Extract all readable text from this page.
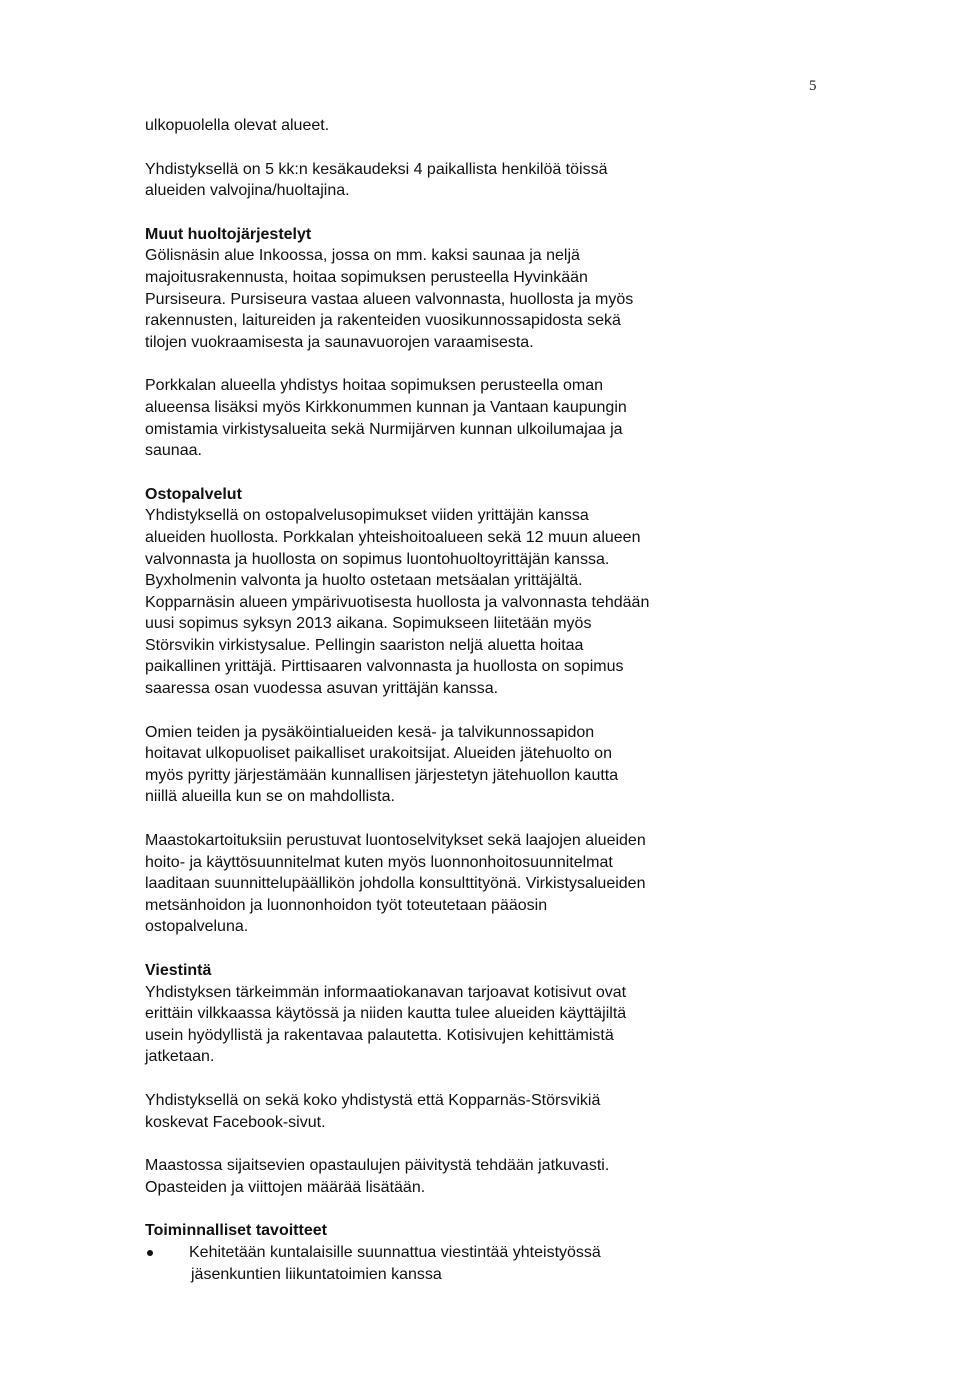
5

ulkopuolella olevat alueet.

Yhdistyksellä on 5 kk:n kesäkaudeksi 4 paikallista henkilöä töissä
alueiden valvojina/huoltajina.

Muut huoltojärjestelyt
Gölisnäsin alue Inkoossa, jossa on mm. kaksi saunaa ja neljä
majoitusrakennusta, hoitaa sopimuksen perusteella Hyvinkään
Pursiseura. Pursiseura vastaa alueen valvonnasta, huollosta ja myös
rakennusten, laitureiden ja rakenteiden vuosikunnossapidosta sekä
tilojen vuokraamisesta ja saunavuorojen varaamisesta.

Porkkalan alueella yhdistys hoitaa sopimuksen perusteella oman
alueensa lisäksi myös Kirkkonummen kunnan ja Vantaan kaupungin
omistamia virkistysalueita sekä Nurmijärven kunnan ulkoilumajaa ja
saunaa.

Ostopalvelut
Yhdistyksellä on ostopalvelusopimukset viiden yrittäjän kanssa
alueiden huollosta. Porkkalan yhteishoitoalueen sekä 12 muun alueen
valvonnasta ja huollosta on sopimus luontohuoltoyrittäjän kanssa.
Byxholmenin valvonta ja huolto ostetaan metsäalan yrittäjältä.
Kopparnäsin alueen ympärivuotisesta huollosta ja valvonnasta tehdään
uusi sopimus syksyn 2013 aikana. Sopimukseen liitetään myös
Störsvikin virkistysalue. Pellingin saariston neljä aluetta hoitaa
paikallinen yrittäjä. Pirttisaaren valvonnasta ja huollosta on sopimus
saaressa osan vuodessa asuvan yrittäjän kanssa.

Omien teiden ja pysäköintialueiden kesä- ja talvikunnossapidon
hoitavat ulkopuoliset paikalliset urakoitsijat. Alueiden jätehuolto on
myös pyritty järjestämään kunnallisen järjestetyn jätehuollon kautta
niillä alueilla kun se on mahdollista.

Maastokartoituksiin perustuvat luontoselvitykset sekä laajojen alueiden
hoito- ja käyttösuunnitelmat kuten myös luonnonhoitosuunnitelmat
laaditaan suunnittelupäällikön johdolla konsulttityönä. Virkistysalueiden
metsänhoidon ja luonnonhoidon työt toteutetaan pääosin
ostopalveluna.

Viestintä
Yhdistyksen tärkeimmän informaatiokanavan tarjoavat kotisivut ovat
erittäin vilkkaassa käytössä ja niiden kautta tulee alueiden käyttäjiltä
usein hyödyllistä ja rakentavaa palautetta. Kotisivujen kehittämistä
jatketaan.

Yhdistyksellä on sekä koko yhdistystä että Kopparnäs-Störsvikiä
koskevat Facebook-sivut.

Maastossa sijaitsevien opastaulujen päivitystä tehdään jatkuvasti.
Opasteiden ja viittojen määrää lisätään.

Toiminnalliset tavoitteet
Kehitetään kuntalaisille suunnattua viestintää yhteistyössä
jäsenkuntien liikuntatoimien kanssa
